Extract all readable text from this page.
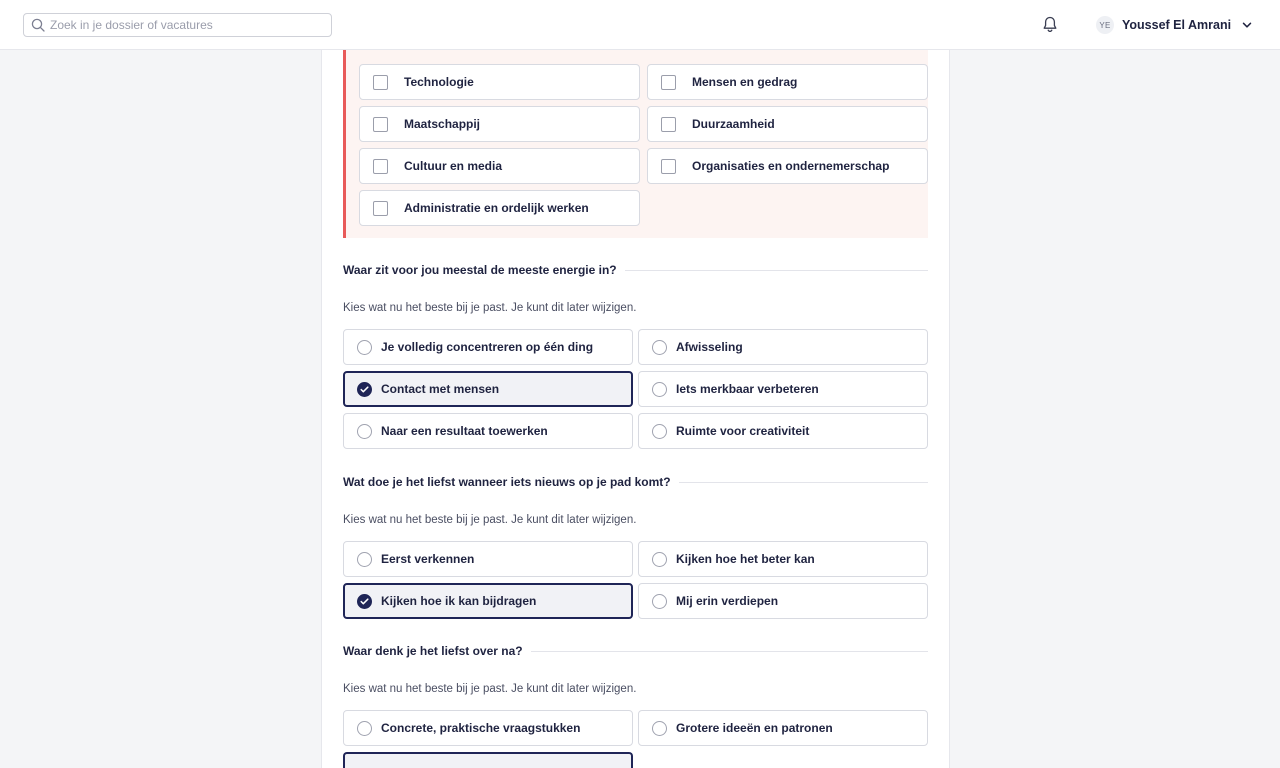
Zoek in je dossier of vacatures
YE Youssef El Amrani
Technologie	Mensen en gedrag
Maatschappij	Duurzaamheid
Cultuur en media	Organisaties en ondernemerschap
Administratie en ordelijk werken
Waar zit voor jou meestal de meeste energie in?
Kies wat nu het beste bij je past. Je kunt dit later wijzigen.
Je volledig concentreren op één ding	Afwisseling
Contact met mensen	Iets merkbaar verbeteren
Naar een resultaat toewerken	Ruimte voor creativiteit
Wat doe je het liefst wanneer iets nieuws op je pad komt?
Kies wat nu het beste bij je past. Je kunt dit later wijzigen.
Eerst verkennen	Kijken hoe het beter kan
Kijken hoe ik kan bijdragen	Mij erin verdiepen
Waar denk je het liefst over na?
Kies wat nu het beste bij je past. Je kunt dit later wijzigen.
Concrete, praktische vraagstukken	Grotere ideeën en patronen
